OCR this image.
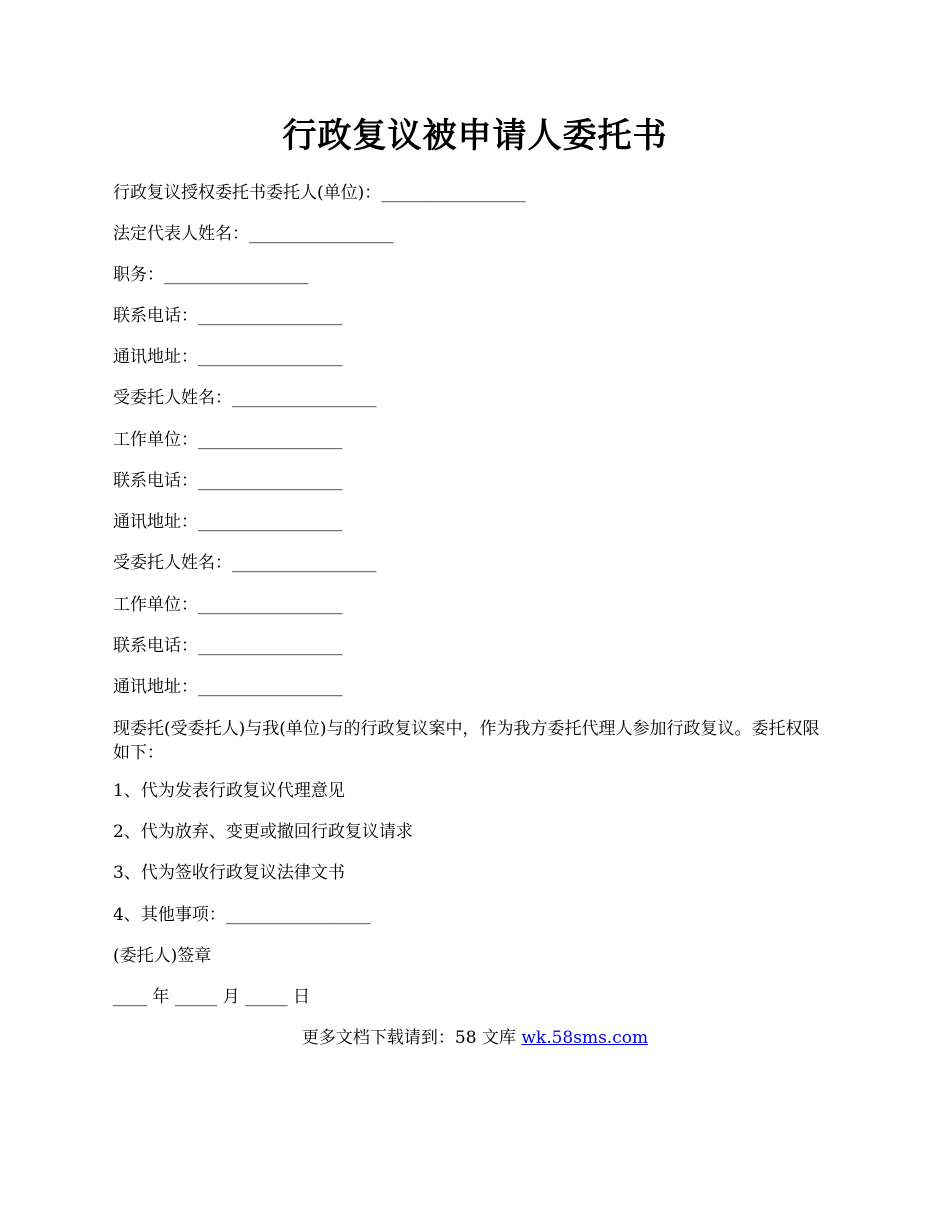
行政复议被申请人委托书
行政复议授权委托书委托人(单位)：_________________
法定代表人姓名：_________________
职务：_________________
联系电话：_________________
通讯地址：_________________
受委托人姓名：_________________
工作单位：_________________
联系电话：_________________
通讯地址：_________________
受委托人姓名：_________________
工作单位：_________________
联系电话：_________________
通讯地址：_________________
现委托(受委托人)与我(单位)与的行政复议案中，作为我方委托代理人参加行政复议。委托权限如下：
1、代为发表行政复议代理意见
2、代为放弃、变更或撤回行政复议请求
3、代为签收行政复议法律文书
4、其他事项：_________________
(委托人)签章
____ 年 _____ 月 _____ 日
更多文档下载请到：58 文库 wk.58sms.com
